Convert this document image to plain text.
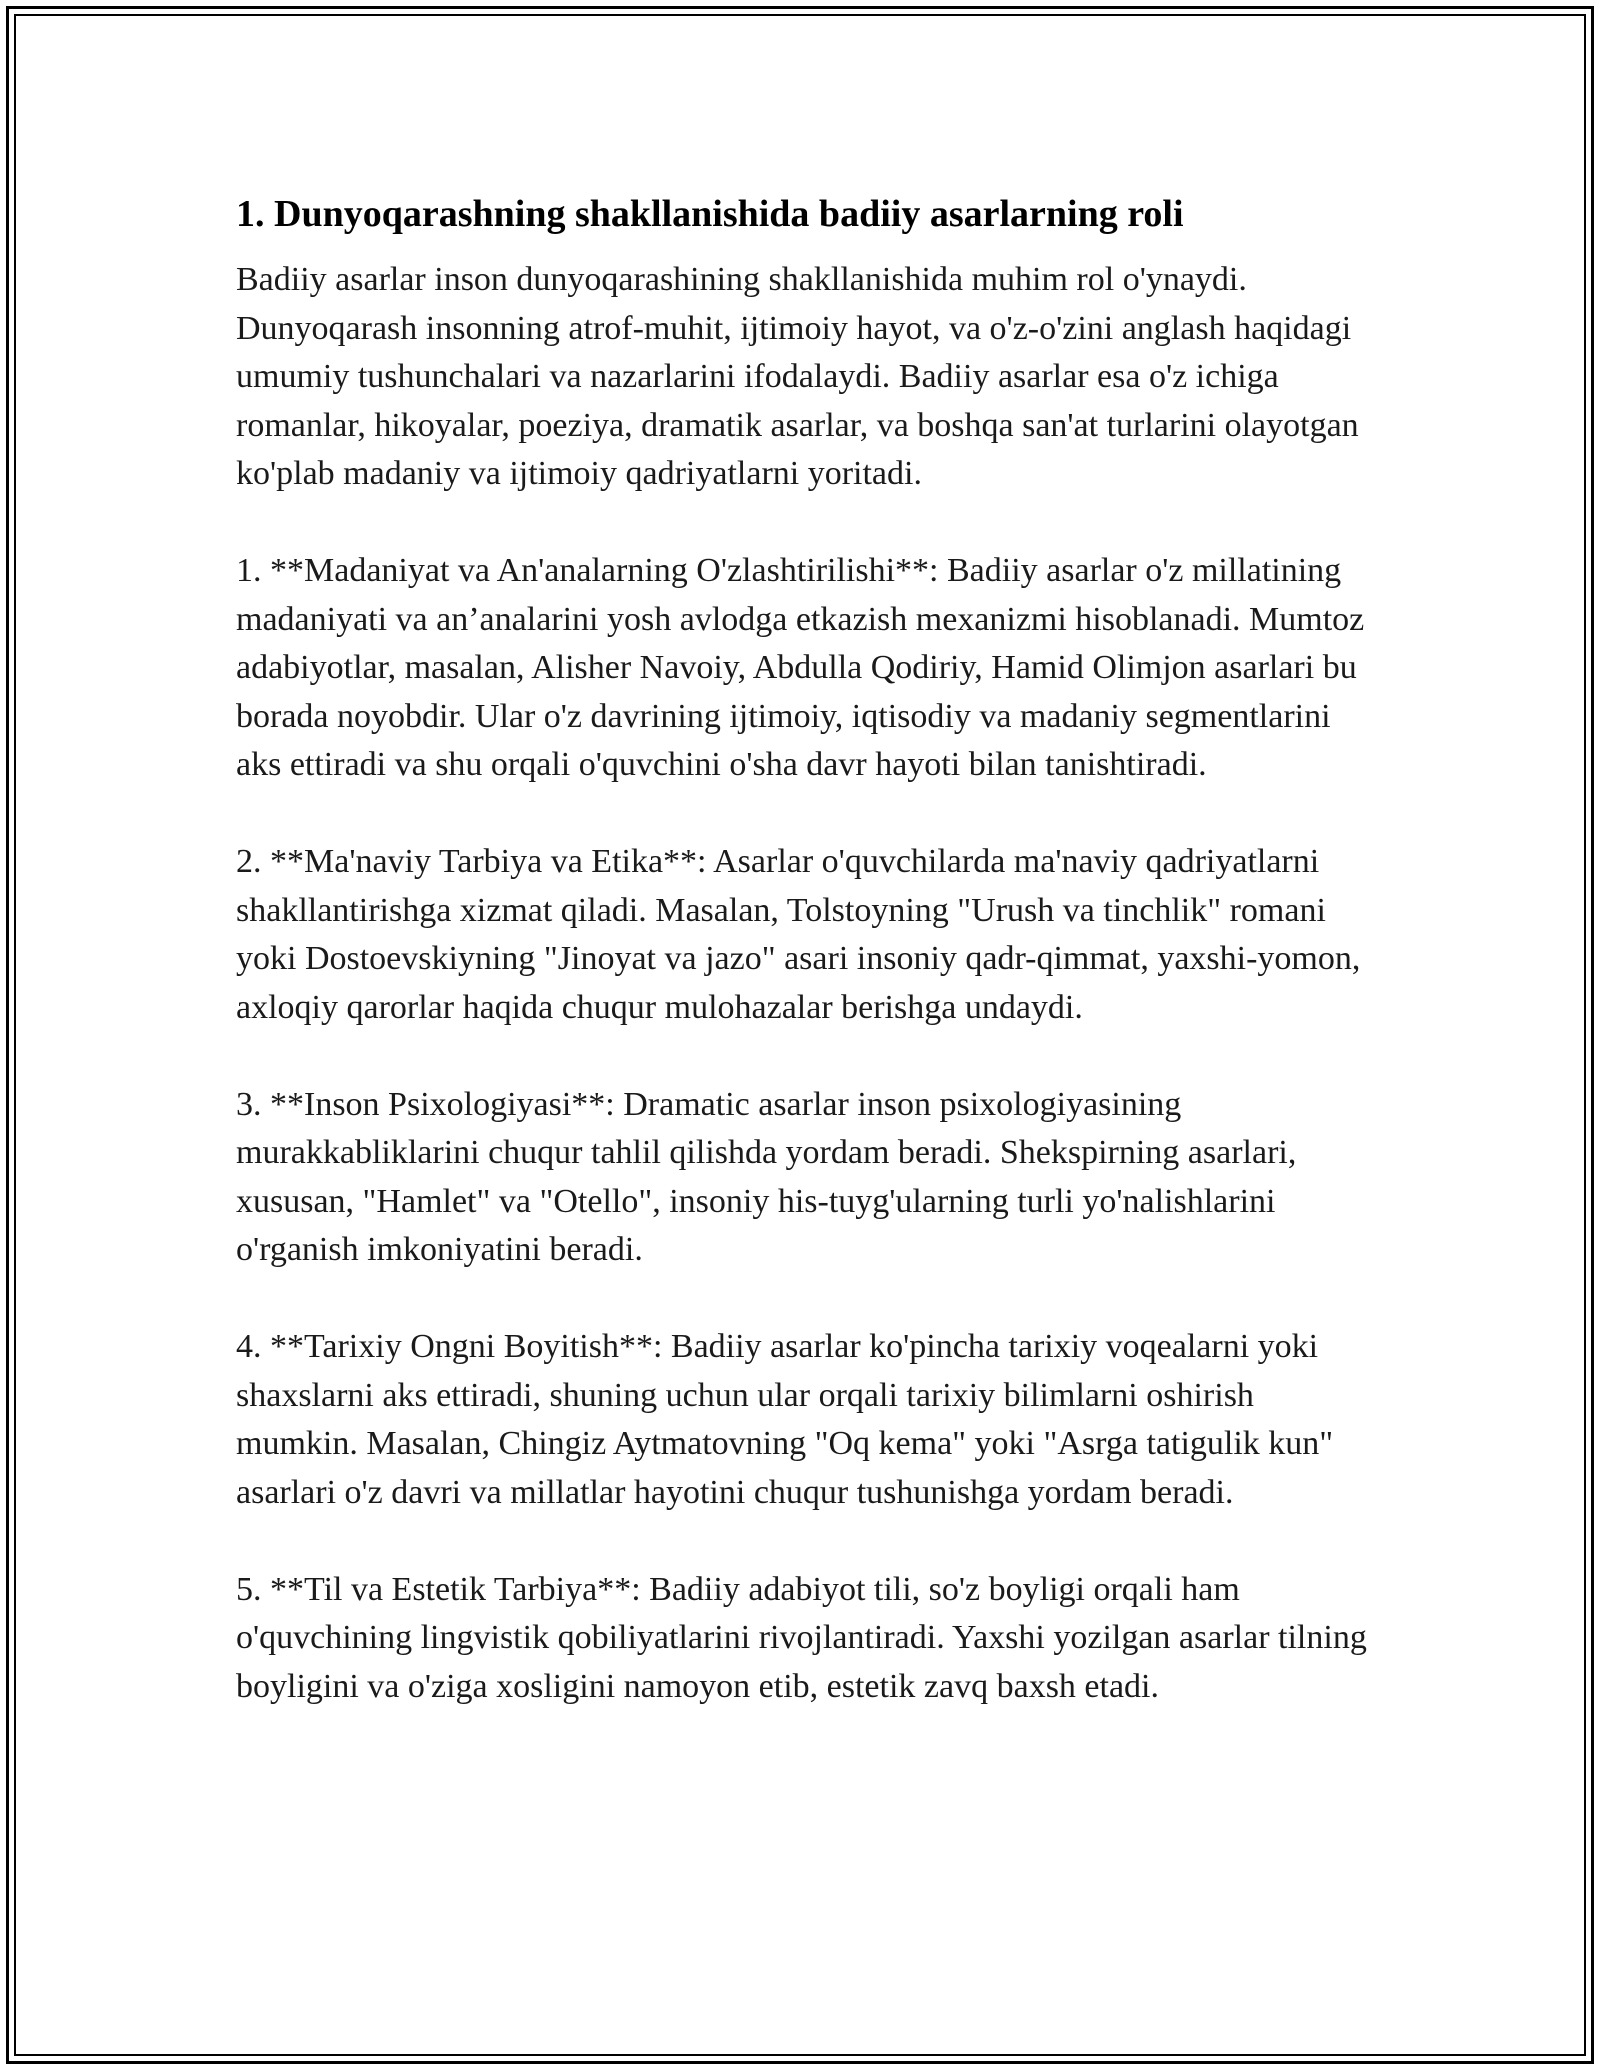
1. Dunyoqarashning shakllanishida badiiy asarlarning roli

Badiiy asarlar inson dunyoqarashining shakllanishida muhim rol o'ynaydi. Dunyoqarash insonning atrof-muhit, ijtimoiy hayot, va o'z-o'zini anglash haqidagi umumiy tushunchalari va nazarlarini ifodalaydi. Badiiy asarlar esa o'z ichiga romanlar, hikoyalar, poeziya, dramatik asarlar, va boshqa san'at turlarini olayotgan ko'plab madaniy va ijtimoiy qadriyatlarni yoritadi.

1. **Madaniyat va An'analarning O'zlashtirilishi**: Badiiy asarlar o'z millatining madaniyati va an’analarini yosh avlodga etkazish mexanizmi hisoblanadi. Mumtoz adabiyotlar, masalan, Alisher Navoiy, Abdulla Qodiriy, Hamid Olimjon asarlari bu borada noyobdir. Ular o'z davrining ijtimoiy, iqtisodiy va madaniy segmentlarini aks ettiradi va shu orqali o'quvchini o'sha davr hayoti bilan tanishtiradi.

2. **Ma'naviy Tarbiya va Etika**: Asarlar o'quvchilarda ma'naviy qadriyatlarni shakllantirishga xizmat qiladi. Masalan, Tolstoyning "Urush va tinchlik" romani yoki Dostoevskiyning "Jinoyat va jazo" asari insoniy qadr-qimmat, yaxshi-yomon, axloqiy qarorlar haqida chuqur mulohazalar berishga undaydi.

3. **Inson Psixologiyasi**: Dramatic asarlar inson psixologiyasining murakkabliklarini chuqur tahlil qilishda yordam beradi. Shekspirning asarlari, xususan, "Hamlet" va "Otello", insoniy his-tuyg'ularning turli yo'nalishlarini o'rganish imkoniyatini beradi.

4. **Tarixiy Ongni Boyitish**: Badiiy asarlar ko'pincha tarixiy voqealarni yoki shaxslarni aks ettiradi, shuning uchun ular orqali tarixiy bilimlarni oshirish mumkin. Masalan, Chingiz Aytmatovning "Oq kema" yoki "Asrga tatigulik kun" asarlari o'z davri va millatlar hayotini chuqur tushunishga yordam beradi.

5. **Til va Estetik Tarbiya**: Badiiy adabiyot tili, so'z boyligi orqali ham o'quvchining lingvistik qobiliyatlarini rivojlantiradi. Yaxshi yozilgan asarlar tilning boyligini va o'ziga xosligini namoyon etib, estetik zavq baxsh etadi.
